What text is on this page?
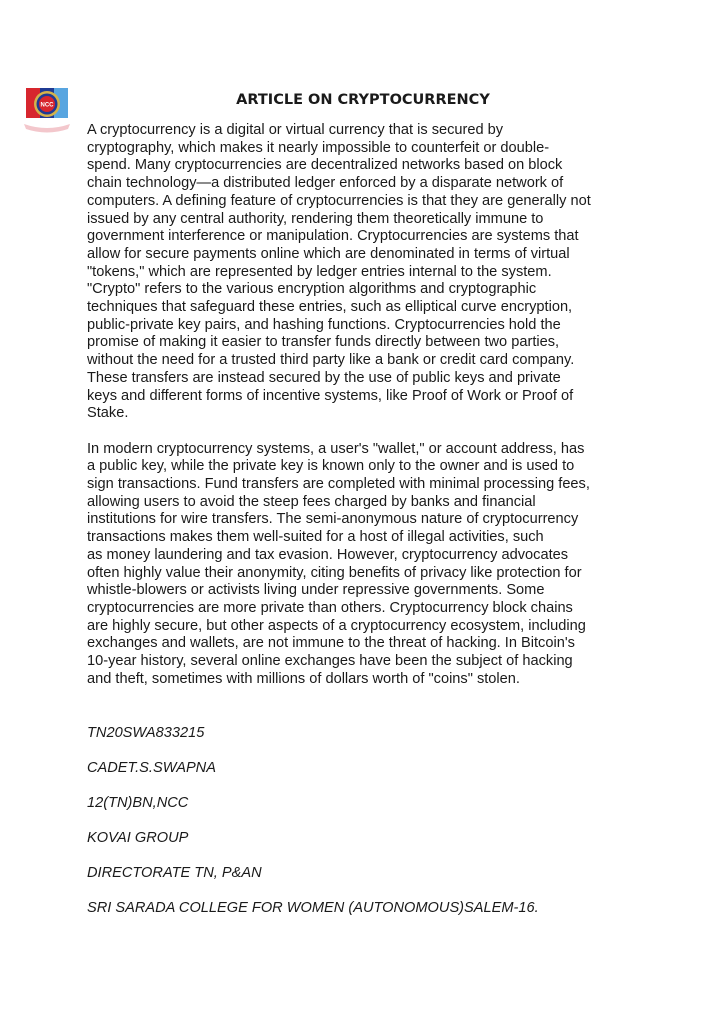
NCC	ARTICLE ON CRYPTOCURRENCY

A cryptocurrency is a digital or virtual currency that is secured by
cryptography, which makes it nearly impossible to counterfeit or double-
spend. Many cryptocurrencies are decentralized networks based on block
chain technology—a distributed ledger enforced by a disparate network of
computers. A defining feature of cryptocurrencies is that they are generally not
issued by any central authority, rendering them theoretically immune to
government interference or manipulation. Cryptocurrencies are systems that
allow for secure payments online which are denominated in terms of virtual
"tokens," which are represented by ledger entries internal to the system.
"Crypto" refers to the various encryption algorithms and cryptographic
techniques that safeguard these entries, such as elliptical curve encryption,
public-private key pairs, and hashing functions. Cryptocurrencies hold the
promise of making it easier to transfer funds directly between two parties,
without the need for a trusted third party like a bank or credit card company.
These transfers are instead secured by the use of public keys and private
keys and different forms of incentive systems, like Proof of Work or Proof of
Stake.

In modern cryptocurrency systems, a user's "wallet," or account address, has
a public key, while the private key is known only to the owner and is used to
sign transactions. Fund transfers are completed with minimal processing fees,
allowing users to avoid the steep fees charged by banks and financial
institutions for wire transfers. The semi-anonymous nature of cryptocurrency
transactions makes them well-suited for a host of illegal activities, such
as money laundering and tax evasion. However, cryptocurrency advocates
often highly value their anonymity, citing benefits of privacy like protection for
whistle-blowers or activists living under repressive governments. Some
cryptocurrencies are more private than others. Cryptocurrency block chains
are highly secure, but other aspects of a cryptocurrency ecosystem, including
exchanges and wallets, are not immune to the threat of hacking. In Bitcoin's
10-year history, several online exchanges have been the subject of hacking
and theft, sometimes with millions of dollars worth of "coins" stolen.

TN20SWA833215

CADET.S.SWAPNA

12(TN)BN,NCC

KOVAI GROUP

DIRECTORATE TN, P&AN

SRI SARADA COLLEGE FOR WOMEN (AUTONOMOUS)SALEM-16.
